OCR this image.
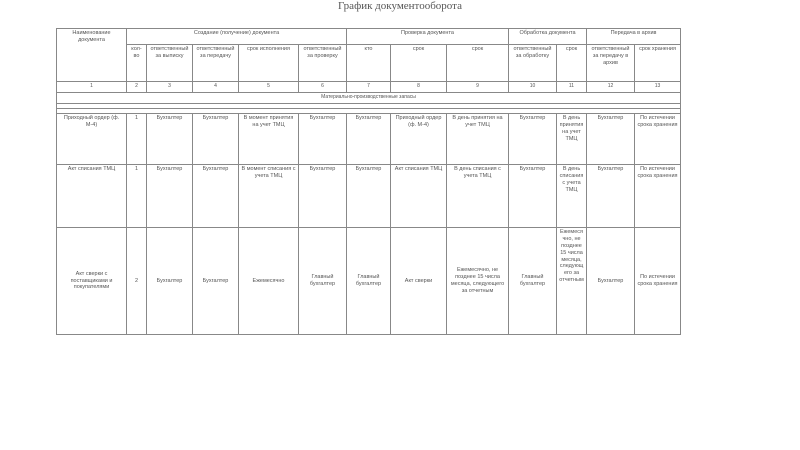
График документооборота
Наименование документа	Создание (получение) документа					Проверка документа			Обработка документа		Передача в архив	
	кол-во	ответственный за выписку	ответственный за передачу	срок исполнения	ответственный за проверку	кто	срок	срок	ответственный за обработку	срок	ответственный за передачу в архив	срок хранения
1	2	3	4	5	6	7	8	9	10	11	12	13
Материально-производственные запасы												

Приходный ордер (ф. М-4)	1	Бухгалтер	Бухгалтер	В момент принятия на учет ТМЦ	Бухгалтер	Бухгалтер	Приходный ордер (ф. М-4)	В день принятия на учет ТМЦ	Бухгалтер	В день принятия на учет ТМЦ	Бухгалтер	По истечении срока хранения
Акт списания ТМЦ	1	Бухгалтер	Бухгалтер	В момент списания с учета ТМЦ	Бухгалтер	Бухгалтер	Акт списания ТМЦ	В день списания с учета ТМЦ	Бухгалтер	В день списания с учета ТМЦ	Бухгалтер	По истечении срока хранения
Акт сверки с поставщиками и покупателями	2	Бухгалтер	Бухгалтер	Ежемесячно	Главный бухгалтер	Главный бухгалтер	Акт сверки	Ежемесячно, не позднее 15 числа месяца, следующего за отчетным	Главный бухгалтер	Ежемесячно, не позднее 15 числа месяца, следующего за отчетным	Бухгалтер	По истечении срока хранения
